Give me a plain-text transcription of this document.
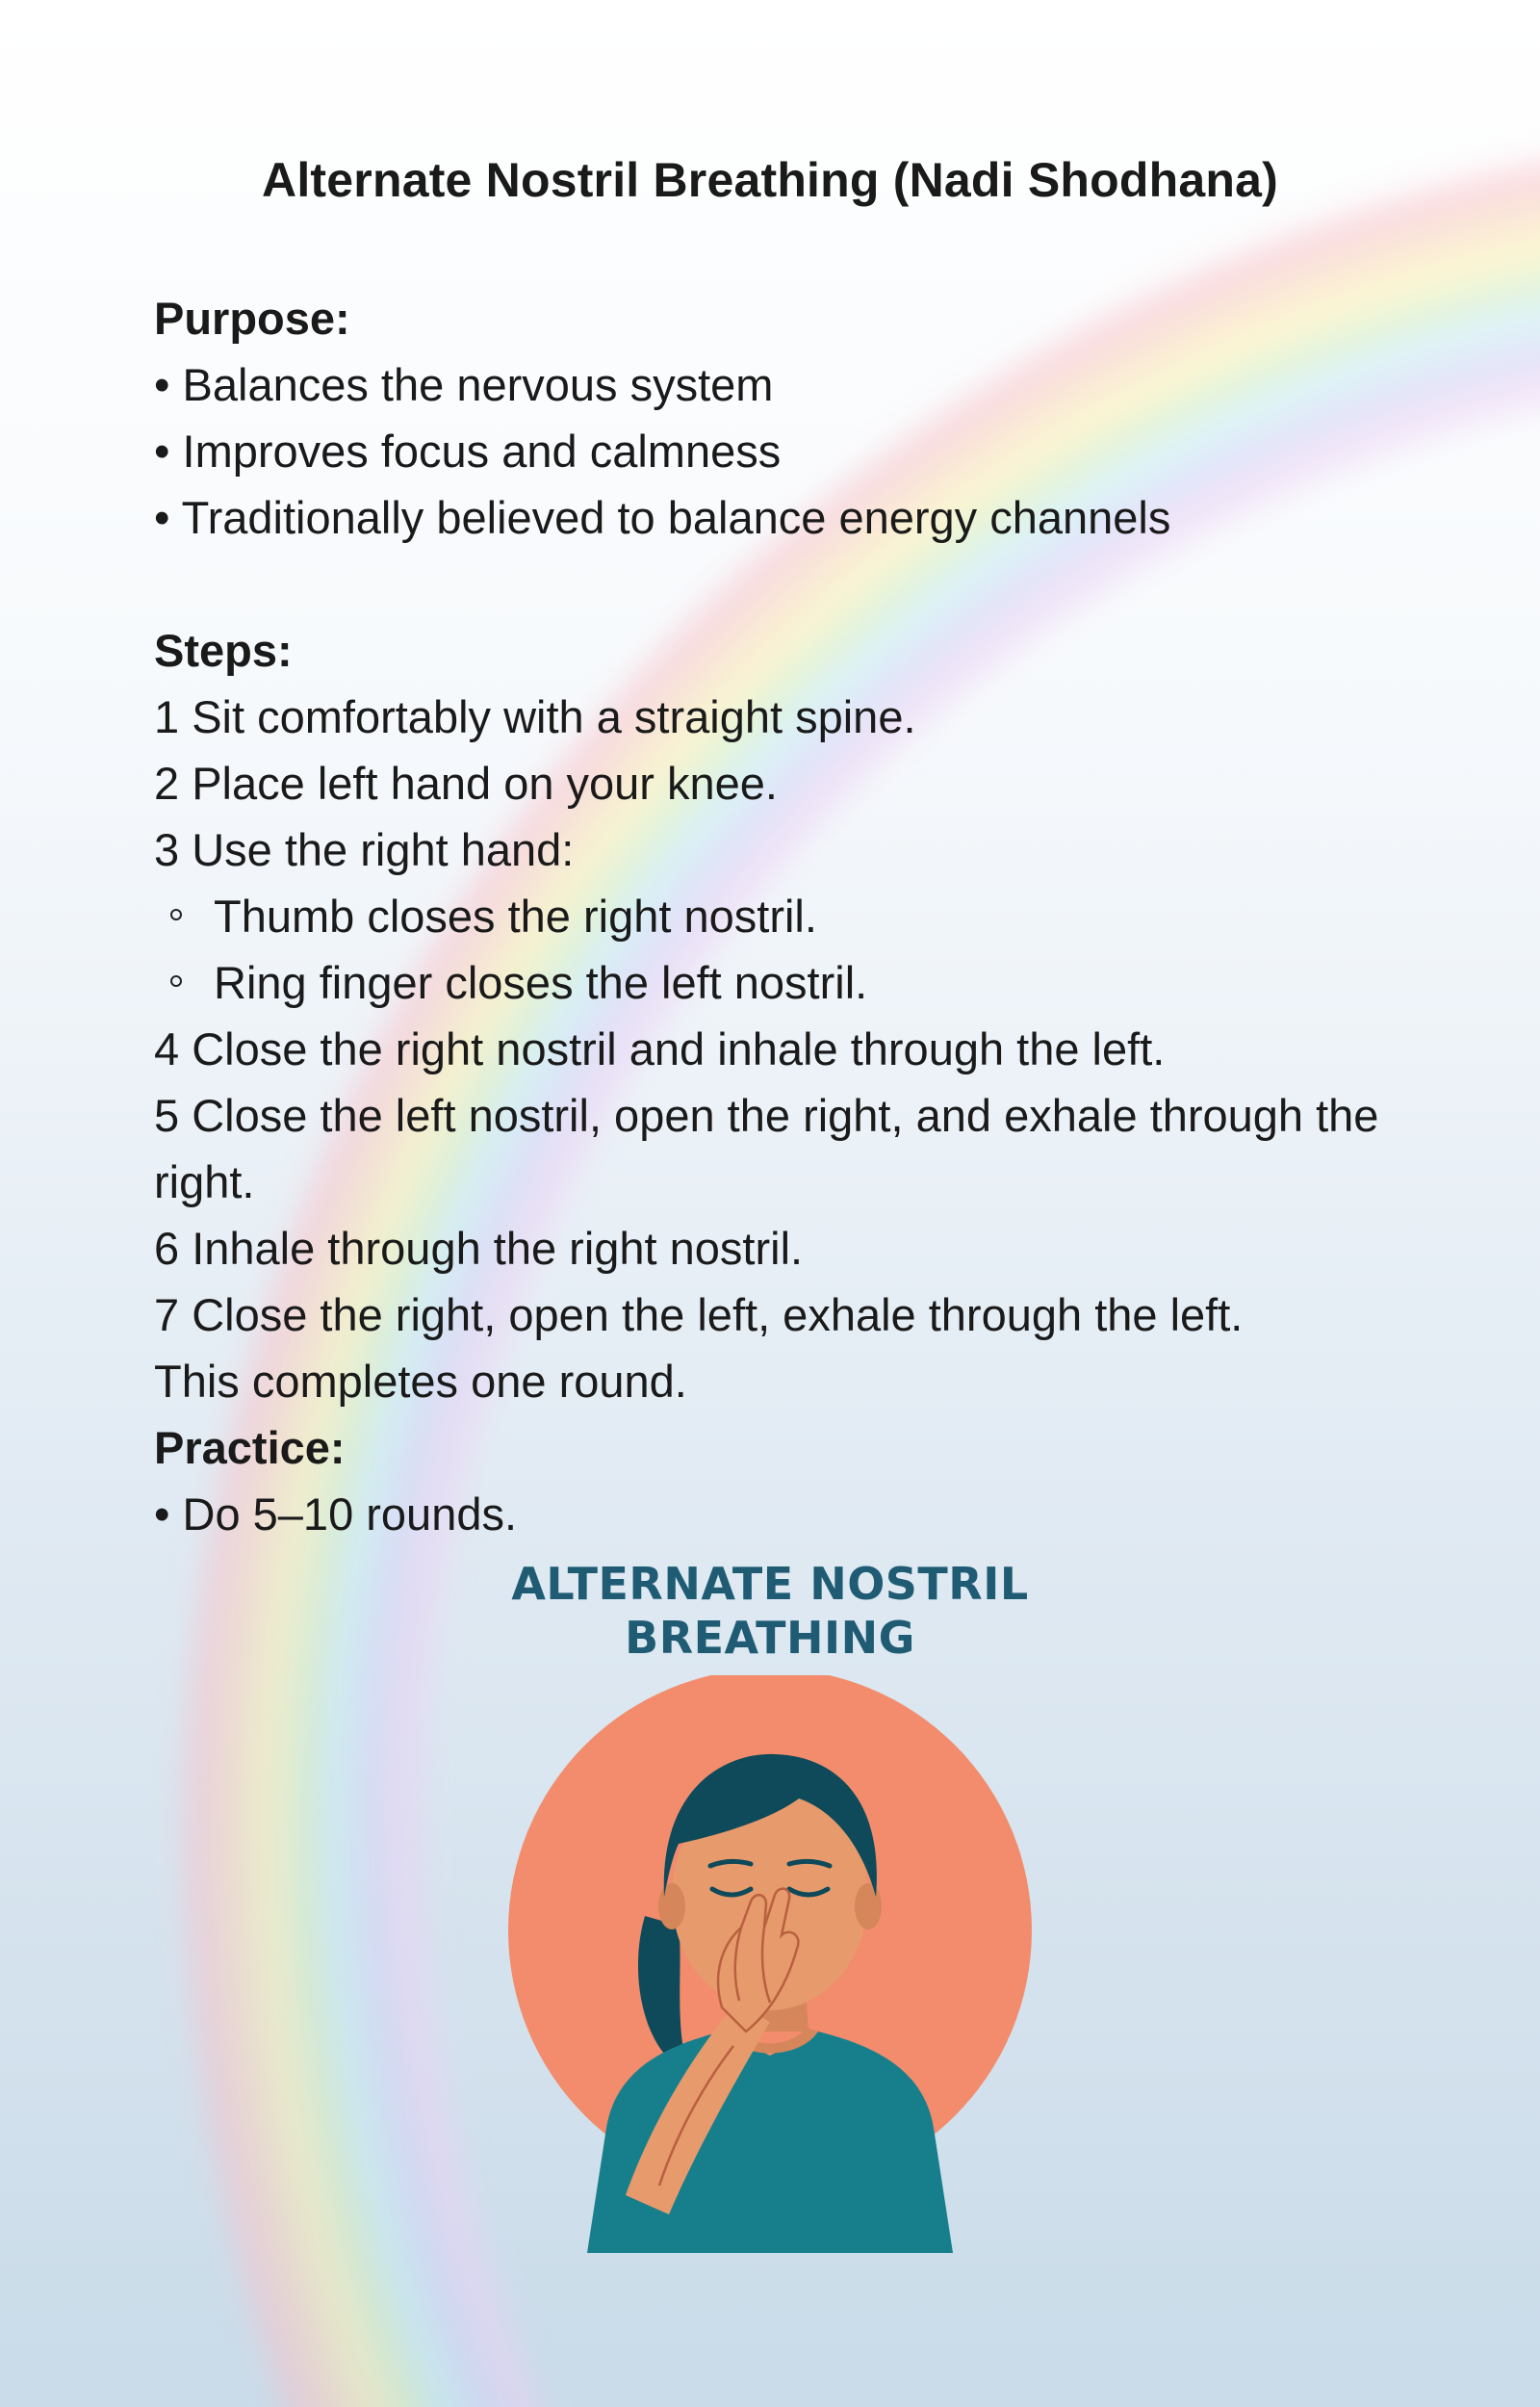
Alternate Nostril Breathing (Nadi Shodhana)
Purpose:
• Balances the nervous system
• Improves focus and calmness
• Traditionally believed to balance energy channels
Steps:
1 Sit comfortably with a straight spine.
2 Place left hand on your knee.
3 Use the right hand:
Thumb closes the right nostril.
Ring finger closes the left nostril.
4 Close the right nostril and inhale through the left.
5 Close the left nostril, open the right, and exhale through the right.
6 Inhale through the right nostril.
7 Close the right, open the left, exhale through the left.
This completes one round.
Practice:
• Do 5–10 rounds.
ALTERNATE NOSTRIL
BREATHING
